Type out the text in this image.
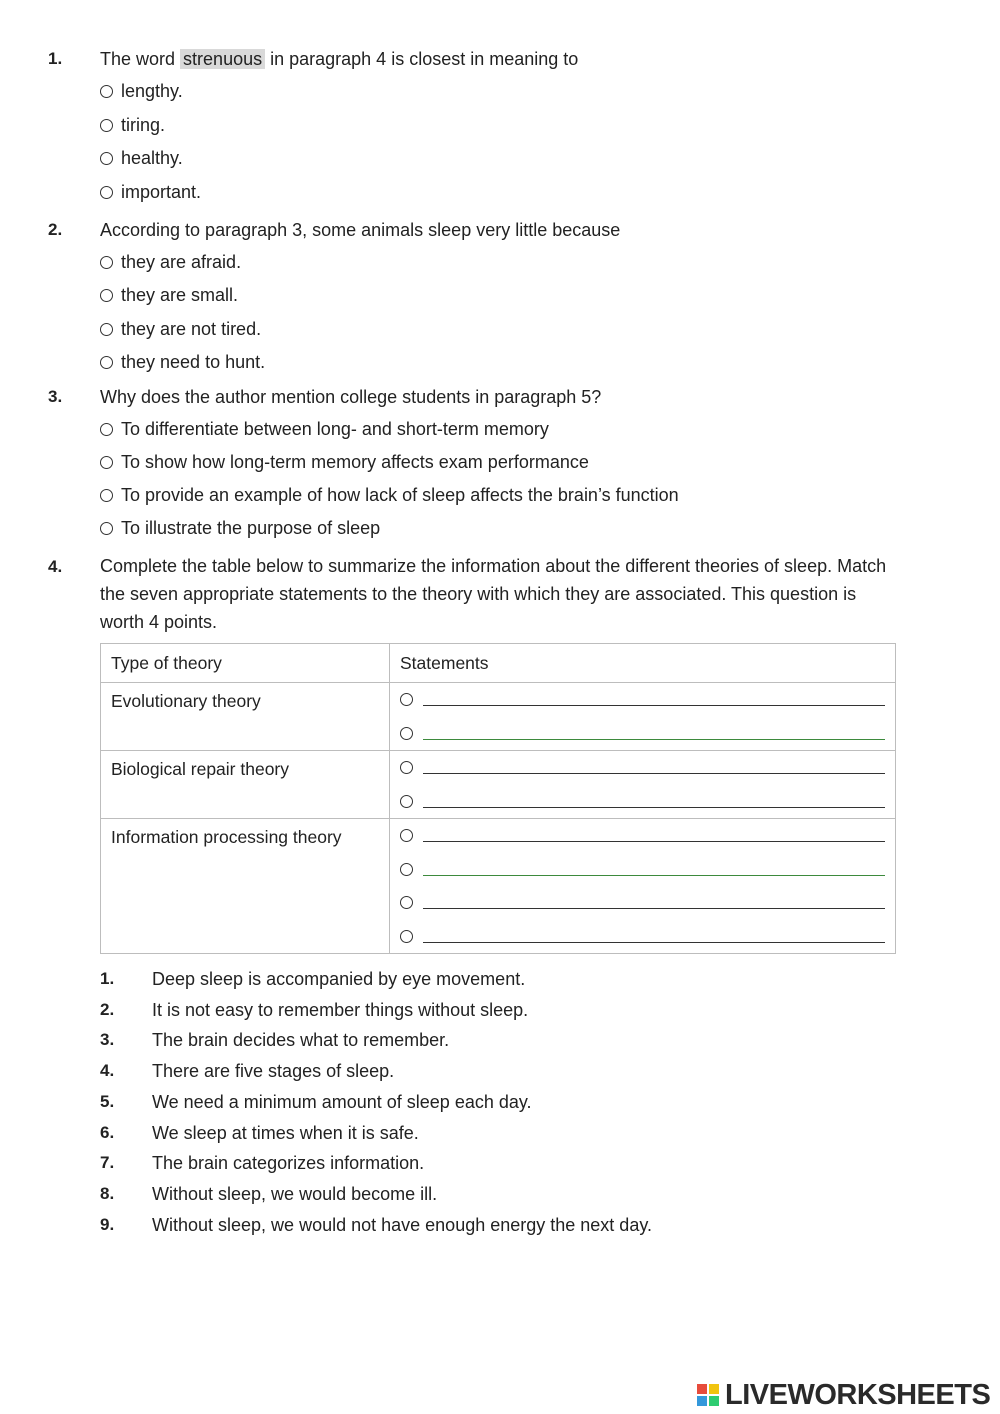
1. The word strenuous in paragraph 4 is closest in meaning to
lengthy.
tiring.
healthy.
important.
2. According to paragraph 3, some animals sleep very little because
they are afraid.
they are small.
they are not tired.
they need to hunt.
3. Why does the author mention college students in paragraph 5?
To differentiate between long- and short-term memory
To show how long-term memory affects exam performance
To provide an example of how lack of sleep affects the brain’s function
To illustrate the purpose of sleep
4. Complete the table below to summarize the information about the different theories of sleep. Match the seven appropriate statements to the theory with which they are associated. This question is worth 4 points.
Type of theory	Statements
Evolutionary theory	

Biological repair theory	

Information processing theory	
1.	Deep sleep is accompanied by eye movement.
2.	It is not easy to remember things without sleep.
3.	The brain decides what to remember.
4.	There are five stages of sleep.
5.	We need a minimum amount of sleep each day.
6.	We sleep at times when it is safe.
7.	The brain categorizes information.
8.	Without sleep, we would become ill.
9.	Without sleep, we would not have enough energy the next day.
LIVEWORKSHEETS
